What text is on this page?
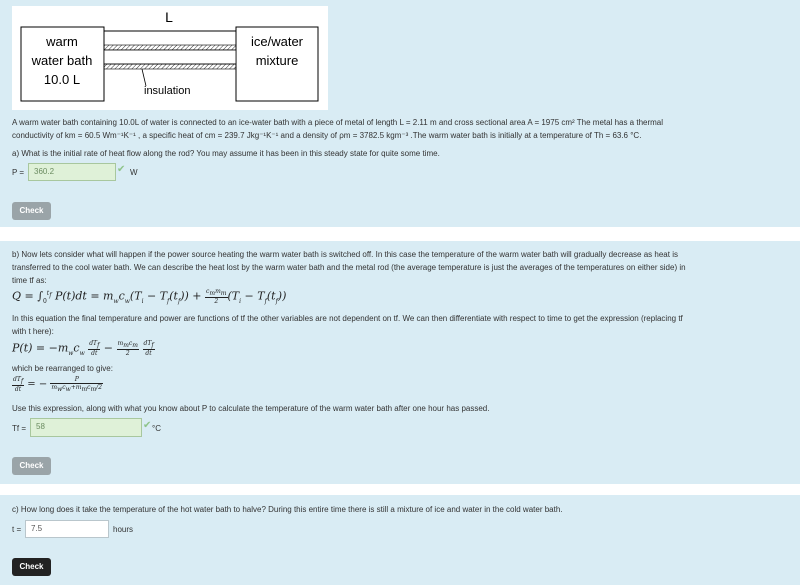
L
warm
water bath
10.0 L
ice/water
mixture
insulation
A warm water bath containing 10.0L of water is connected to an ice-water bath with a piece of metal of length L = 2.11 m and cross sectional area A = 1975 cm² The metal has a thermal
conductivity of km = 60.5 Wm⁻¹K⁻¹ , a specific heat of cm = 239.7 Jkg⁻¹K⁻¹ and a density of ρm = 3782.5 kgm⁻³ .The warm water bath is initially at a temperature of Th = 63.6 °C.
a) What is the initial rate of heat flow along the rod? You may assume it has been in this steady state for quite some time.
P =	360.2	✔ W
Check
b) Now lets consider what will happen if the power source heating the warm water bath is switched off. In this case the temperature of the warm water bath will gradually decrease as heat is
transferred to the cool water bath. We can describe the heat lost by the warm water bath and the metal rod (the average temperature is just the averages of the temperatures on either side) in
time tf as:
$Q = \int_0^{t_f}$ $P(t)dt = m_wc_w(T_i - T_f(t_f)) + \frac{c_mm_m}{2} (T_i - T_f(t_f))$
In this equation the final temperature and power are functions of tf the other variables are not dependent on tf. We can then differentiate with respect to time to get the expression (replacing tf
with t here):
$P(t) = -m_wc_w \frac{dT_f}{dt} - \frac{m_mc_m}{2}$
$\frac{dT_f}{dt}$
which be rearranged to give:
$\frac{dT_f}{dt}$ = − $\frac{P}{m_wc_w+m_mc_m/2}$
Use this expression, along with what you know about P to calculate the temperature of the warm water bath after one hour has passed.
Tf =	58	✔ °C
Check
c) How long does it take the temperature of the hot water bath to halve? During this entire time there is still a mixture of ice and water in the cold water bath.
t =	7.5	hours
Check
